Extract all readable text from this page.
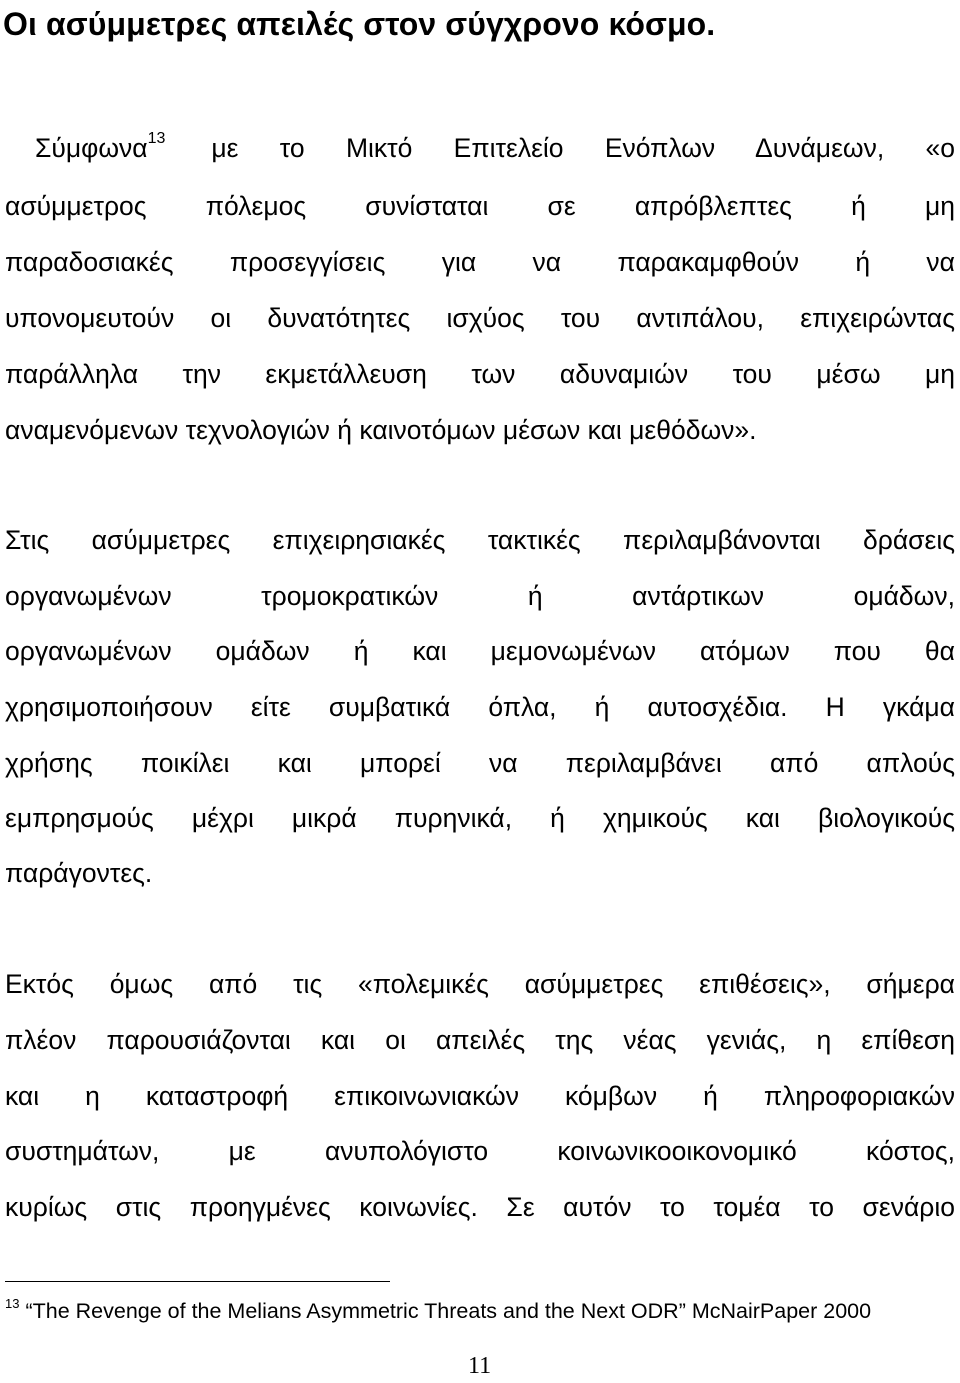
Οι ασύμμετρες απειλές στον σύγχρονο κόσμο.
Σύμφωνα$^{13}$ με το Μικτό Επιτελείο Ενόπλων Δυνάμεων, «ο
ασύμμετρος πόλεμος συνίσταται σε απρόβλεπτες ή μη
παραδοσιακές προσεγγίσεις για να παρακαμφθούν ή να
υπονομευτούν οι δυνατότητες ισχύος του αντιπάλου, επιχειρώντας
παράλληλα την εκμετάλλευση των αδυναμιών του μέσω μη
αναμενόμενων τεχνολογιών ή καινοτόμων μέσων και μεθόδων».
Στις ασύμμετρες επιχειρησιακές τακτικές περιλαμβάνονται δράσεις
οργανωμένων τρομοκρατικών ή αντάρτικων ομάδων,
οργανωμένων ομάδων ή και μεμονωμένων ατόμων που θα
χρησιμοποιήσουν είτε συμβατικά όπλα, ή αυτοσχέδια. Η γκάμα
χρήσης ποικίλει και μπορεί να περιλαμβάνει από απλούς
εμπρησμούς μέχρι μικρά πυρηνικά, ή χημικούς και βιολογικούς
παράγοντες.
Εκτός όμως από τις «πολεμικές ασύμμετρες επιθέσεις», σήμερα
πλέον παρουσιάζονται και οι απειλές της νέας γενιάς, η επίθεση
και η καταστροφή επικοινωνιακών κόμβων ή πληροφοριακών
συστημάτων, με ανυπολόγιστο κοινωνικοοικονομικό κόστος,
κυρίως στις προηγμένες κοινωνίες. Σε αυτόν το τομέα το σενάριο
$^{13}$ “The Revenge of the Melians Asymmetric Threats and the Next ODR” McNairPaper 2000
11
